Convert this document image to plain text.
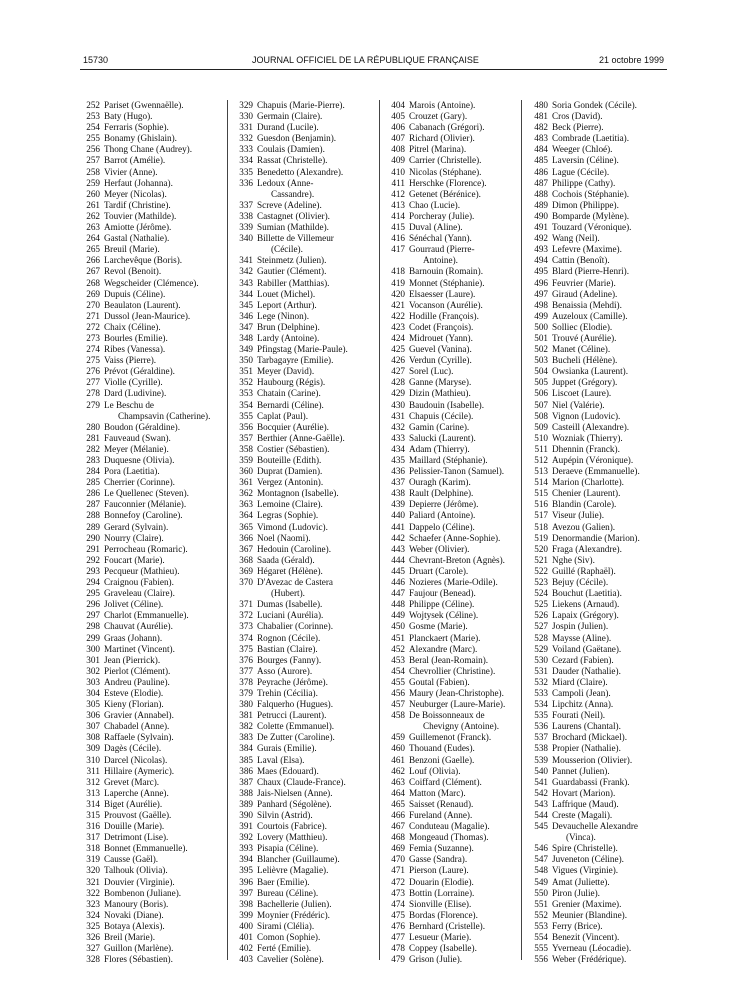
15730	JOURNAL OFFICIEL DE LA RÉPUBLIQUE FRANÇAISE	21 octobre 1999
252 Pariset (Gwennaëlle).
253 Baty (Hugo).
254 Ferraris (Sophie).
255 Bonamy (Ghislain).
256 Thong Chane (Audrey).
257 Barrot (Amélie).
258 Vivier (Anne).
259 Herfaut (Johanna).
260 Meyer (Nicolas).
261 Tardif (Christine).
262 Touvier (Mathilde).
263 Amiotte (Jérôme).
264 Gastal (Nathalie).
265 Breuil (Marie).
266 Larchevêque (Boris).
267 Revol (Benoit).
268 Wegscheider (Clémence).
269 Dupuis (Céline).
270 Beaulaton (Laurent).
271 Dussol (Jean-Maurice).
272 Chaix (Céline).
273 Bourles (Emilie).
274 Ribes (Vanessa).
275 Vaiss (Pierre).
276 Prévot (Géraldine).
277 Violle (Cyrille).
278 Dard (Ludivine).
279 Le Beschu de
Champsavin (Catherine).
280 Boudon (Géraldine).
281 Fauveaud (Swan).
282 Meyer (Mélanie).
283 Duquesne (Olivia).
284 Pora (Laetitia).
285 Cherrier (Corinne).
286 Le Quellenec (Steven).
287 Fauconnier (Mélanie).
288 Bonnefoy (Caroline).
289 Gerard (Sylvain).
290 Nourry (Claire).
291 Perrocheau (Romaric).
292 Foucart (Marie).
293 Pecqueur (Mathieu).
294 Craignou (Fabien).
295 Graveleau (Claire).
296 Jolivet (Céline).
297 Charlot (Emmanuelle).
298 Chauvat (Aurélie).
299 Graas (Johann).
300 Martinet (Vincent).
301 Jean (Pierrick).
302 Pierlot (Clément).
303 Andreu (Pauline).
304 Esteve (Elodie).
305 Kieny (Florian).
306 Gravier (Annabel).
307 Chabadel (Anne).
308 Raffaele (Sylvain).
309 Dagès (Cécile).
310 Darcel (Nicolas).
311 Hillaire (Aymeric).
312 Grevet (Marc).
313 Laperche (Anne).
314 Biget (Aurélie).
315 Prouvost (Gaëlle).
316 Douille (Marie).
317 Detrimont (Lise).
318 Bonnet (Emmanuelle).
319 Causse (Gaël).
320 Talhouk (Olivia).
321 Douvier (Virginie).
322 Bombenon (Juliane).
323 Manoury (Boris).
324 Novaki (Diane).
325 Botaya (Alexis).
326 Breil (Marie).
327 Guillon (Marlène).
328 Flores (Sébastien).
329 Chapuis (Marie-Pierre).
330 Germain (Claire).
331 Durand (Lucile).
332 Guesdon (Benjamin).
333 Coulais (Damien).
334 Rassat (Christelle).
335 Benedetto (Alexandre).
336 Ledoux (Anne-
Cassandre).
337 Screve (Adeline).
338 Castagnet (Olivier).
339 Sumian (Mathilde).
340 Billette de Villemeur
(Cécile).
341 Steinmetz (Julien).
342 Gautier (Clément).
343 Rabiller (Matthias).
344 Louet (Michel).
345 Leport (Arthur).
346 Lege (Ninon).
347 Brun (Delphine).
348 Lardy (Antoine).
349 Pfingstag (Marie-Paule).
350 Tarbagayre (Emilie).
351 Meyer (David).
352 Haubourg (Régis).
353 Chatain (Carine).
354 Bernardi (Céline).
355 Caplat (Paul).
356 Bocquier (Aurélie).
357 Berthier (Anne-Gaëlle).
358 Costier (Sébastien).
359 Bouteille (Edith).
360 Duprat (Damien).
361 Vergez (Antonin).
362 Montagnon (Isabelle).
363 Lemoine (Claire).
364 Legras (Sophie).
365 Vimond (Ludovic).
366 Noel (Naomi).
367 Hedouin (Caroline).
368 Saada (Gérald).
369 Hégaret (Hélène).
370 D'Avezac de Castera
(Hubert).
371 Dumas (Isabelle).
372 Luciani (Aurélia).
373 Chabalier (Corinne).
374 Rognon (Cécile).
375 Bastian (Claire).
376 Bourges (Fanny).
377 Asso (Aurore).
378 Peyrache (Jérôme).
379 Trehin (Cécilia).
380 Falquerho (Hugues).
381 Petrucci (Laurent).
382 Colette (Emmanuel).
383 De Zutter (Caroline).
384 Gurais (Emilie).
385 Laval (Elsa).
386 Maes (Edouard).
387 Chaux (Claude-France).
388 Jais-Nielsen (Anne).
389 Panhard (Ségolène).
390 Silvin (Astrid).
391 Courtois (Fabrice).
392 Lovery (Matthieu).
393 Pisapia (Céline).
394 Blancher (Guillaume).
395 Lelièvre (Magalie).
396 Baer (Emilie).
397 Bureau (Céline).
398 Bachellerie (Julien).
399 Moynier (Frédéric).
400 Sirami (Clélia).
401 Comon (Sophie).
402 Ferté (Emilie).
403 Cavelier (Solène).
404 Marois (Antoine).
405 Crouzet (Gary).
406 Cabanach (Grégori).
407 Richard (Olivier).
408 Pitrel (Marina).
409 Carrier (Christelle).
410 Nicolas (Stéphane).
411 Herschke (Florence).
412 Getenet (Bérénice).
413 Chao (Lucie).
414 Porcheray (Julie).
415 Duval (Aline).
416 Sénéchal (Yann).
417 Gourraud (Pierre-
Antoine).
418 Barnouin (Romain).
419 Monnet (Stéphanie).
420 Elsaesser (Laure).
421 Vocanson (Aurélie).
422 Hodille (François).
423 Codet (François).
424 Midrouet (Yann).
425 Guevel (Vanina).
426 Verdun (Cyrille).
427 Sorel (Luc).
428 Ganne (Maryse).
429 Dizin (Mathieu).
430 Baudouin (Isabelle).
431 Chapuis (Cécile).
432 Gamin (Carine).
433 Salucki (Laurent).
434 Adam (Thierry).
435 Maillard (Stéphanie).
436 Pelissier-Tanon (Samuel).
437 Ouragh (Karim).
438 Rault (Delphine).
439 Depierre (Jérôme).
440 Paliard (Antoine).
441 Dappelo (Céline).
442 Schaefer (Anne-Sophie).
443 Weber (Olivier).
444 Chevrant-Breton (Agnès).
445 Druart (Carole).
446 Nozieres (Marie-Odile).
447 Faujour (Benead).
448 Philippe (Céline).
449 Wojtysek (Céline).
450 Gosme (Marie).
451 Planckaert (Marie).
452 Alexandre (Marc).
453 Beral (Jean-Romain).
454 Chevrollier (Christine).
455 Goutal (Fabien).
456 Maury (Jean-Christophe).
457 Neuburger (Laure-Marie).
458 De Boissonneaux de
Chevigny (Antoine).
459 Guillemenot (Franck).
460 Thouand (Eudes).
461 Benzoni (Gaelle).
462 Louf (Olivia).
463 Coiffard (Clément).
464 Matton (Marc).
465 Saisset (Renaud).
466 Fureland (Anne).
467 Conduteau (Magalie).
468 Mongeaud (Thomas).
469 Femia (Suzanne).
470 Gasse (Sandra).
471 Pierson (Laure).
472 Douarin (Elodie).
473 Bottin (Lorraine).
474 Sionville (Elise).
475 Bordas (Florence).
476 Bernhard (Cristelle).
477 Lesueur (Marie).
478 Coppey (Isabelle).
479 Grison (Julie).
480 Soria Gondek (Cécile).
481 Cros (David).
482 Beck (Pierre).
483 Combrade (Laetitia).
484 Weeger (Chloé).
485 Laversin (Céline).
486 Lague (Cécile).
487 Philippe (Cathy).
488 Cochois (Stéphanie).
489 Dimon (Philippe).
490 Bomparde (Mylène).
491 Touzard (Véronique).
492 Wang (Neil).
493 Lefevre (Maxime).
494 Cattin (Benoît).
495 Blard (Pierre-Henri).
496 Feuvrier (Marie).
497 Giraud (Adeline).
498 Benaissia (Mehdi).
499 Auzeloux (Camille).
500 Solliec (Elodie).
501 Trouvé (Aurélie).
502 Manet (Céline).
503 Bucheli (Hélène).
504 Owsianka (Laurent).
505 Juppet (Grégory).
506 Liscoet (Laure).
507 Niel (Valérie).
508 Vignon (Ludovic).
509 Casteill (Alexandre).
510 Wozniak (Thierry).
511 Dhennin (Franck).
512 Aupépin (Véronique).
513 Deraeve (Emmanuelle).
514 Marion (Charlotte).
515 Chenier (Laurent).
516 Blandin (Carole).
517 Viseur (Julie).
518 Avezou (Galien).
519 Denormandie (Marion).
520 Fraga (Alexandre).
521 Nghe (Siv).
522 Guillé (Raphaël).
523 Bejuy (Cécile).
524 Bouchut (Laetitia).
525 Liekens (Arnaud).
526 Lapaix (Grégory).
527 Jospin (Julien).
528 Maysse (Aline).
529 Voiland (Gaëtane).
530 Cezard (Fabien).
531 Dauder (Nathalie).
532 Miard (Claire).
533 Campoli (Jean).
534 Lipchitz (Anna).
535 Fourati (Neil).
536 Laurens (Chantal).
537 Brochard (Mickael).
538 Propier (Nathalie).
539 Mousserion (Olivier).
540 Pannet (Julien).
541 Guardabassi (Frank).
542 Hovart (Marion).
543 Laffrique (Maud).
544 Creste (Magali).
545 Devauchelle Alexandre
(Vinca).
546 Spire (Christelle).
547 Juveneton (Céline).
548 Vigues (Virginie).
549 Amat (Juliette).
550 Piron (Julie).
551 Grenier (Maxime).
552 Meunier (Blandine).
553 Ferry (Brice).
554 Benezit (Vincent).
555 Yverneau (Léocadie).
556 Weber (Frédérique).
